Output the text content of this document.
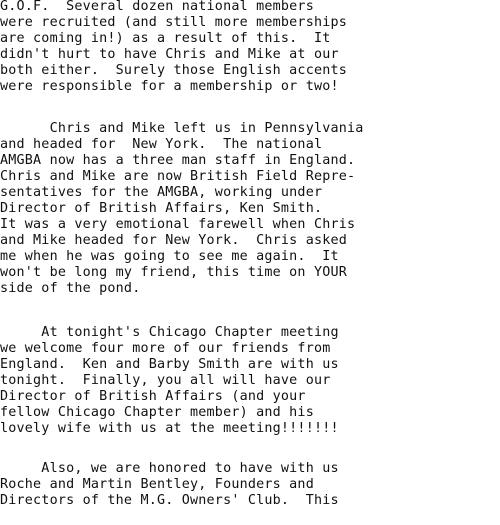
G.O.F.  Several dozen national members
were recruited (and still more memberships
are coming in!) as a result of this.  It
didn't hurt to have Chris and Mike at our
both either.  Surely those English accents
were responsible for a membership or two!
Chris and Mike left us in Pennsylvania
and headed for  New York.  The national
AMGBA now has a three man staff in England.
Chris and Mike are now British Field Repre-
sentatives for the AMGBA, working under
Director of British Affairs, Ken Smith.
It was a very emotional farewell when Chris
and Mike headed for New York.  Chris asked
me when he was going to see me again.  It
won't be long my friend, this time on YOUR
side of the pond.
At tonight's Chicago Chapter meeting
we welcome four more of our friends from
England.  Ken and Barby Smith are with us
tonight.  Finally, you all will have our
Director of British Affairs (and your
fellow Chicago Chapter member) and his
lovely wife with us at the meeting!!!!!!!
Also, we are honored to have with us
Roche and Martin Bentley, Founders and
Directors of the M.G. Owners' Club.  This
